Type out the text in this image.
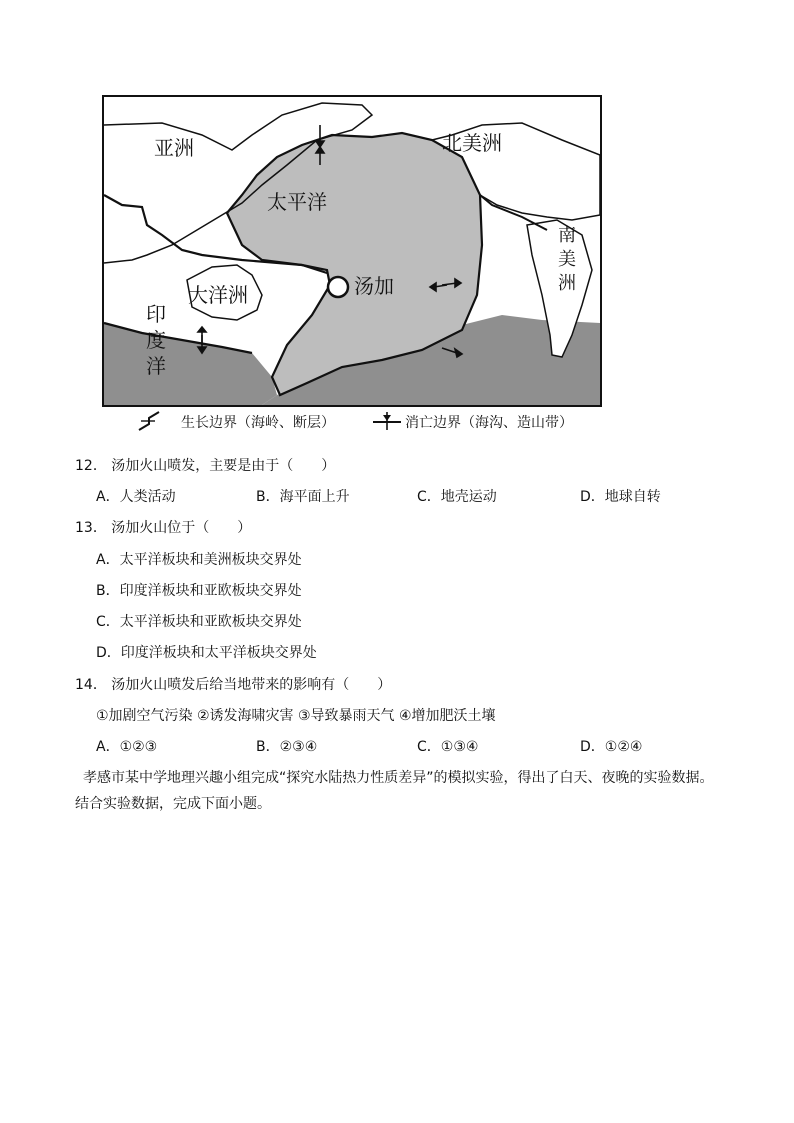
亚洲	北美洲
太平洋
汤加
大洋洲
南 美 洲
印 度 洋
生长边界（海岭、断层）	消亡边界（海沟、造山带）
12． 汤加火山喷发，主要是由于（　　）
A．人类活动	B．海平面上升	C．地壳运动	D．地球自转
13． 汤加火山位于（　　）
A．太平洋板块和美洲板块交界处
B．印度洋板块和亚欧板块交界处
C．太平洋板块和亚欧板块交界处
D．印度洋板块和太平洋板块交界处
14． 汤加火山喷发后给当地带来的影响有（　　）
①加剧空气污染 ②诱发海啸灾害 ③导致暴雨天气 ④增加肥沃土壤
A．①②③	B．②③④	C．①③④	D．①②④
孝感市某中学地理兴趣小组完成“探究水陆热力性质差异”的模拟实验，得出了白天、夜晚的实验数据。
结合实验数据，完成下面小题。
